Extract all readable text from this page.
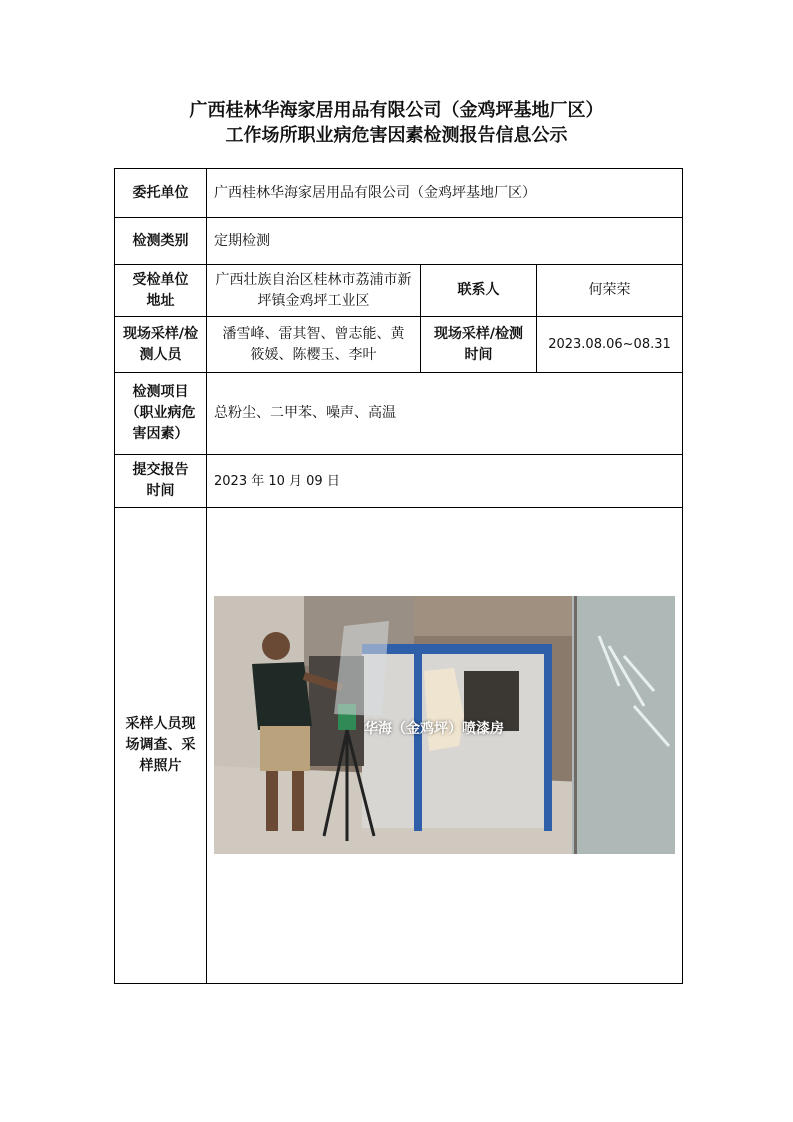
广西桂林华海家居用品有限公司（金鸡坪基地厂区）
工作场所职业病危害因素检测报告信息公示
委托单位	广西桂林华海家居用品有限公司（金鸡坪基地厂区）		
检测类别	定期检测		
受检单位地址	广西壮族自治区桂林市荔浦市新坪镇金鸡坪工业区	联系人	何荣荣
现场采样/检测人员	潘雪峰、雷其智、曾志能、黄筱媛、陈樱玉、李叶	现场采样/检测时间	2023.08.06~08.31
检测项目（职业病危害因素）	总粉尘、二甲苯、噪声、高温		
提交报告时间	2023 年 10 月 09 日		
采样人员现场调查、采样照片	华海（金鸡坪）喷漆房		
